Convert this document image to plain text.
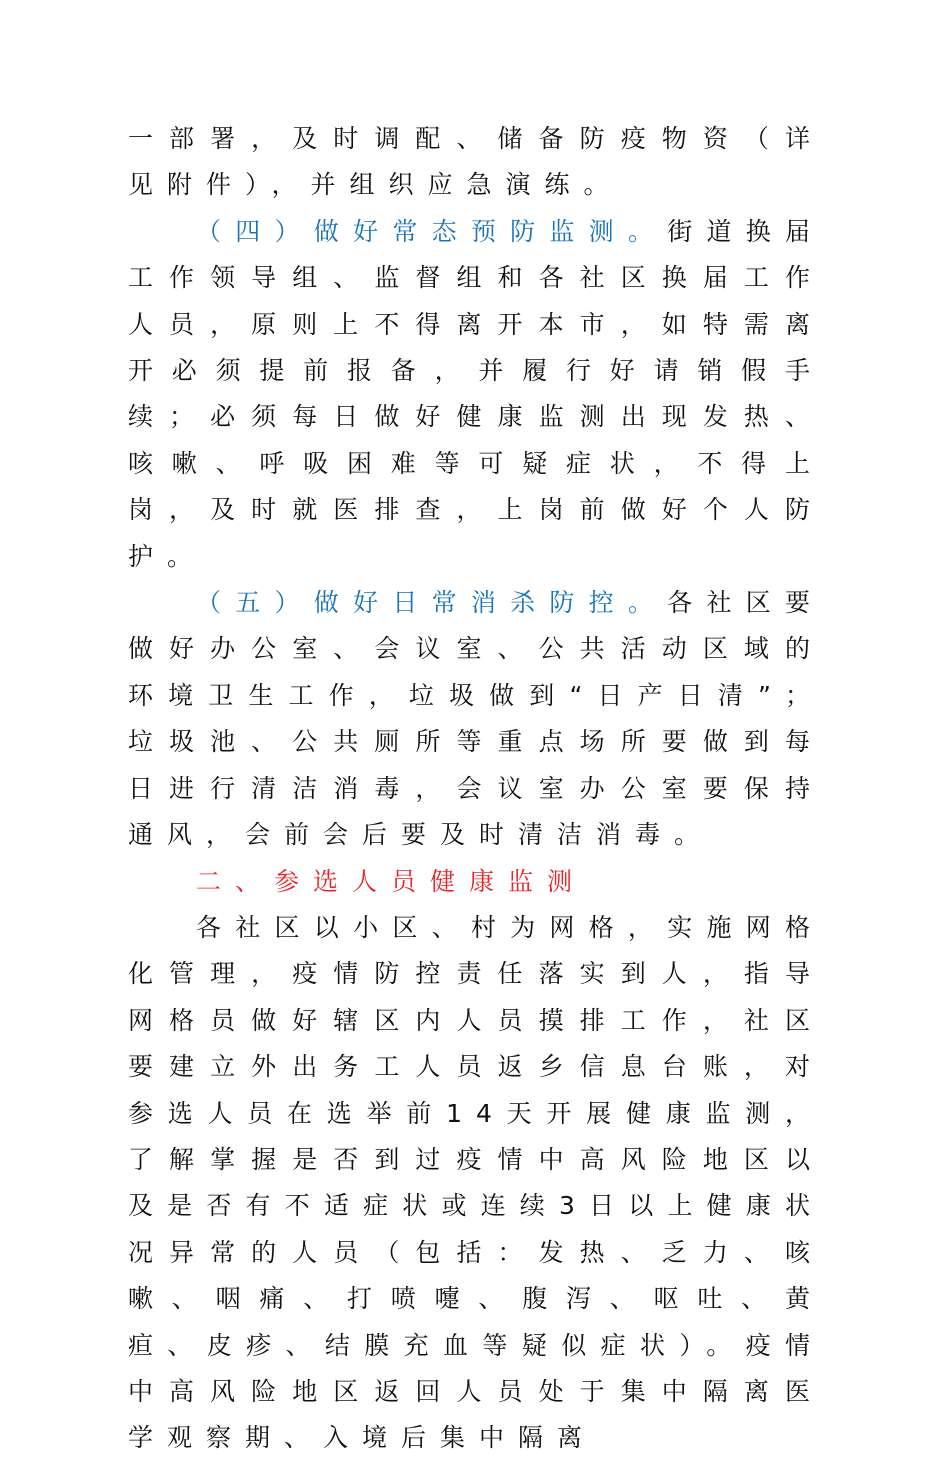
一部署，及时调配、储备防疫物资（详见附件），并组织应急演练。

（四）做好常态预防监测。街道换届工作领导组、监督组和各社区换届工作人员，原则上不得离开本市，如特需离开必须提前报备，并履行好请销假手续；必须每日做好健康监测出现发热、咳嗽、呼吸困难等可疑症状，不得上岗，及时就医排查，上岗前做好个人防护。

（五）做好日常消杀防控。各社区要做好办公室、会议室、公共活动区域的环境卫生工作，垃圾做到“日产日清”；垃圾池、公共厕所等重点场所要做到每日进行清洁消毒，会议室办公室要保持通风，会前会后要及时清洁消毒。

二、参选人员健康监测

各社区以小区、村为网格，实施网格化管理，疫情防控责任落实到人，指导网格员做好辖区内人员摸排工作，社区要建立外出务工人员返乡信息台账，对参选人员在选举前14天开展健康监测，了解掌握是否到过疫情中高风险地区以及是否有不适症状或连续3日以上健康状况异常的人员（包括：发热、乏力、咳嗽、咽痛、打喷嚏、腹泻、呕吐、黄疸、皮疹、结膜充血等疑似症状）。疫情中高风险地区返回人员处于集中隔离医学观察期、入境后集中隔离
